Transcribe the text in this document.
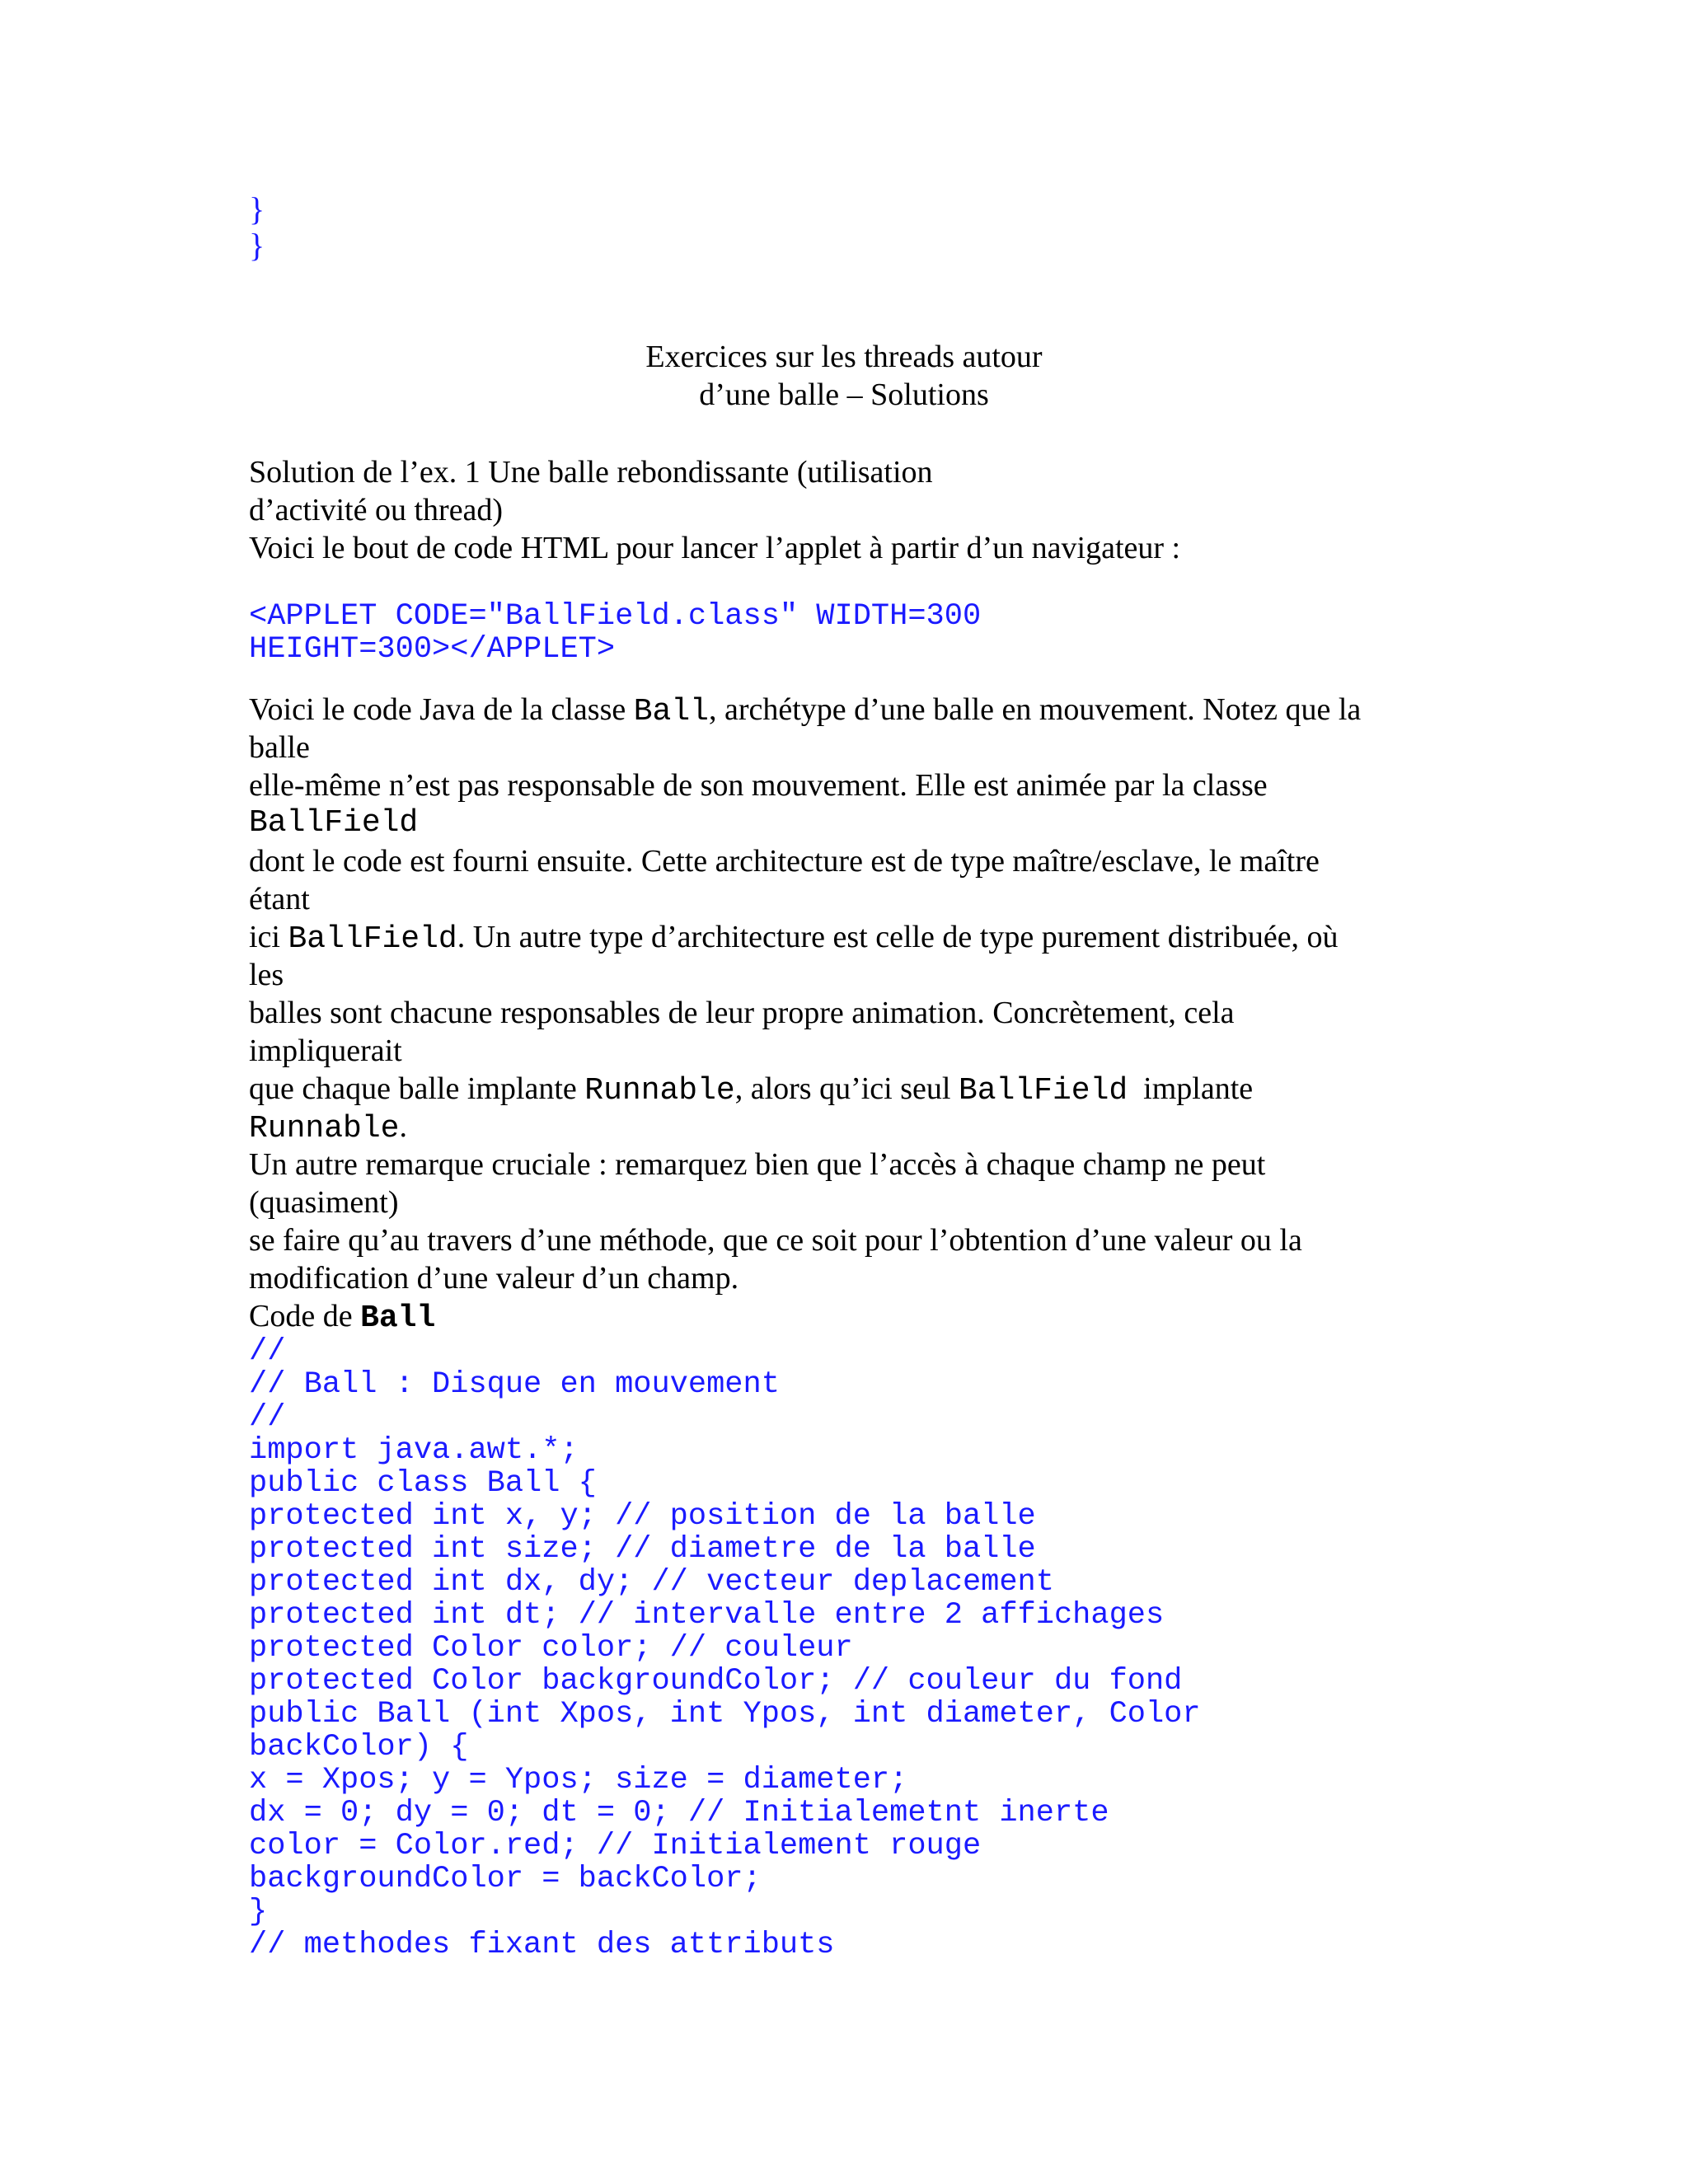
}
}
Exercices sur les threads autour
d’une balle – Solutions
Solution de l’ex. 1 Une balle rebondissante (utilisation
d’activité ou thread)
Voici le bout de code HTML pour lancer l’applet à partir d’un navigateur :
<APPLET CODE="BallField.class" WIDTH=300
HEIGHT=300></APPLET>
Voici le code Java de la classe Ball, archétype d’une balle en mouvement. Notez que la
balle
elle-même n’est pas responsable de son mouvement. Elle est animée par la classe
BallField
dont le code est fourni ensuite. Cette architecture est de type maître/esclave, le maître
étant
ici BallField. Un autre type d’architecture est celle de type purement distribuée, où
les
balles sont chacune responsables de leur propre animation. Concrètement, cela
impliquerait
que chaque balle implante Runnable, alors qu’ici seul BallField  implante
Runnable.
Un autre remarque cruciale : remarquez bien que l’accès à chaque champ ne peut
(quasiment)
se faire qu’au travers d’une méthode, que ce soit pour l’obtention d’une valeur ou la
modification d’une valeur d’un champ.
Code de Ball
//
// Ball : Disque en mouvement
//
import java.awt.*;
public class Ball {
protected int x, y; // position de la balle
protected int size; // diametre de la balle
protected int dx, dy; // vecteur deplacement
protected int dt; // intervalle entre 2 affichages
protected Color color; // couleur
protected Color backgroundColor; // couleur du fond
public Ball (int Xpos, int Ypos, int diameter, Color
backColor) {
x = Xpos; y = Ypos; size = diameter;
dx = 0; dy = 0; dt = 0; // Initialemetnt inerte
color = Color.red; // Initialement rouge
backgroundColor = backColor;
}
// methodes fixant des attributs
